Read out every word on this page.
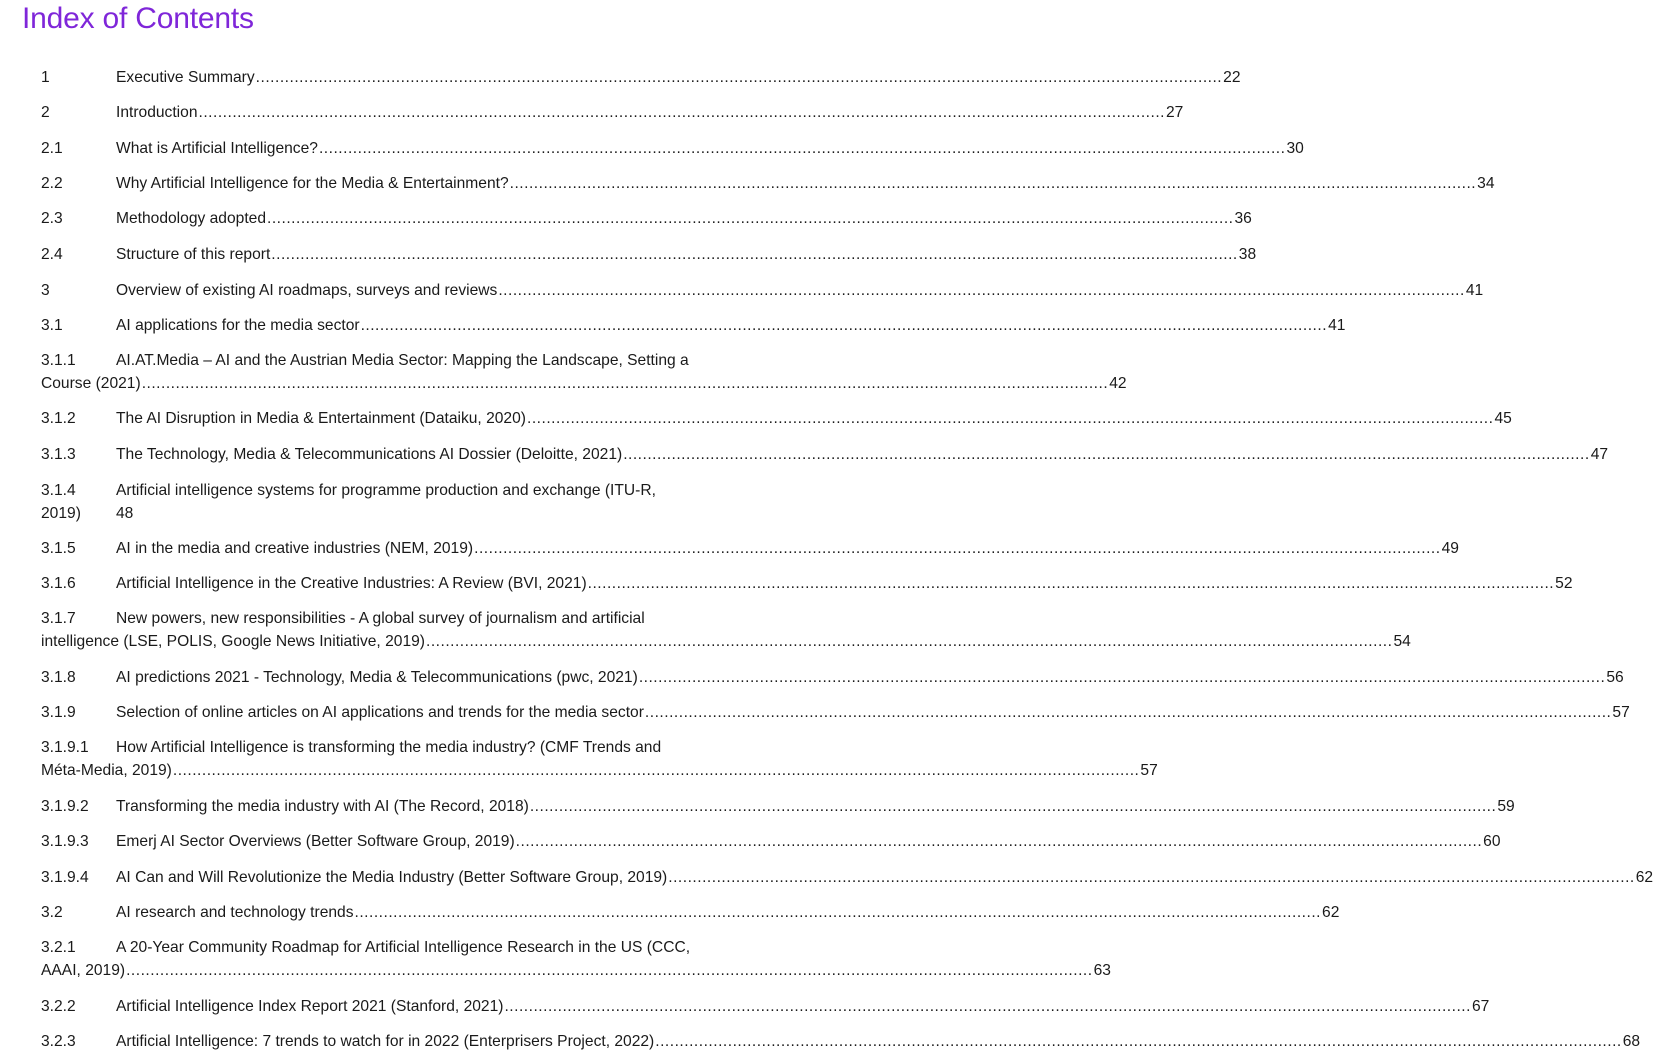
Index of Contents
1	Executive Summary ........................................................................................................................................................................................................ 22
2	Introduction ........................................................................................................................................................................................................ 27
2.1	What is Artificial Intelligence? ........................................................................................................................................................................................................ 30
2.2	Why Artificial Intelligence for the Media & Entertainment? ........................................................................................................................................................................................................ 34
2.3	Methodology adopted ........................................................................................................................................................................................................ 36
2.4	Structure of this report ........................................................................................................................................................................................................ 38
3	Overview of existing AI roadmaps, surveys and reviews ........................................................................................................................................................................................................ 41
3.1	AI applications for the media sector ........................................................................................................................................................................................................ 41
3.1.1	AI.AT.Media – AI and the Austrian Media Sector: Mapping the Landscape, Setting a
Course (2021) ........................................................................................................................................................................................................ 42
3.1.2	The AI Disruption in Media & Entertainment (Dataiku, 2020) ........................................................................................................................................................................................................ 45
3.1.3	The Technology, Media & Telecommunications AI Dossier (Deloitte, 2021) ........................................................................................................................................................................................................ 47
3.1.4	Artificial intelligence systems for programme production and exchange (ITU-R,
2019) 48
3.1.5	AI in the media and creative industries (NEM, 2019) ........................................................................................................................................................................................................ 49
3.1.6	Artificial Intelligence in the Creative Industries: A Review (BVI, 2021) ........................................................................................................................................................................................................ 52
3.1.7	New powers, new responsibilities - A global survey of journalism and artificial
intelligence (LSE, POLIS, Google News Initiative, 2019) ........................................................................................................................................................................................................ 54
3.1.8	AI predictions 2021 - Technology, Media & Telecommunications (pwc, 2021) ........................................................................................................................................................................................................ 56
3.1.9	Selection of online articles on AI applications and trends for the media sector ........................................................................................................................................................................................................ 57
3.1.9.1 How Artificial Intelligence is transforming the media industry? (CMF Trends and
Méta-Media, 2019) ........................................................................................................................................................................................................ 57
3.1.9.2 Transforming the media industry with AI (The Record, 2018) ........................................................................................................................................................................................................ 59
3.1.9.3 Emerj AI Sector Overviews (Better Software Group, 2019) ........................................................................................................................................................................................................ 60
3.1.9.4 AI Can and Will Revolutionize the Media Industry (Better Software Group, 2019) ........................................................................................................................................................................................................ 62
3.2	AI research and technology trends ........................................................................................................................................................................................................ 62
3.2.1	A 20-Year Community Roadmap for Artificial Intelligence Research in the US (CCC,
AAAI, 2019) ........................................................................................................................................................................................................ 63
3.2.2	Artificial Intelligence Index Report 2021 (Stanford, 2021) ........................................................................................................................................................................................................ 67
3.2.3	Artificial Intelligence: 7 trends to watch for in 2022 (Enterprisers Project, 2022) ........................................................................................................................................................................................................ 68
